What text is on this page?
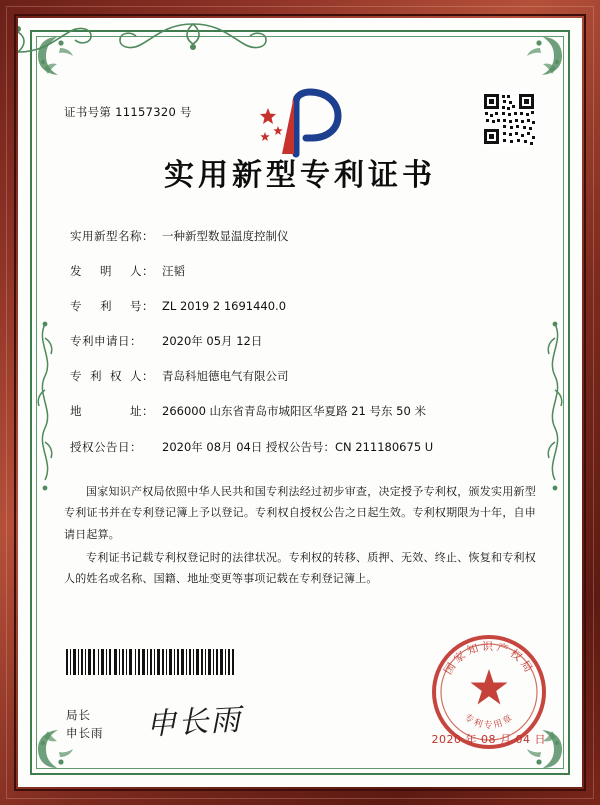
证书号第 11157320 号
实用新型专利证书
实用新型名称： 一种新型数显温度控制仪
发 明 人： 汪韬
专 利 号： ZL 2019 2 1691440.0
专利申请日：	2020年 05月 12日
专 利 权 人： 青岛科旭德电气有限公司
地	址： 266000 山东省青岛市城阳区华夏路 21 号东 50 米
授权公告日：	2020年 08月 04日 授权公告号：CN 211180675 U

国家知识产权局依照中华人民共和国专利法经过初步审查，决定授予专利权，颁发实用新型专利证书并在专利登记簿上予以登记。专利权自授权公告之日起生效。专利权期限为十年，自申请日起算。

专利证书记载专利权登记时的法律状况。专利权的转移、质押、无效、终止、恢复和专利权人的姓名或名称、国籍、地址变更等事项记载在专利登记簿上。

局长
申长雨 申长雨
国家知识产权局
专利专用章
2020 年 08 月 04 日
